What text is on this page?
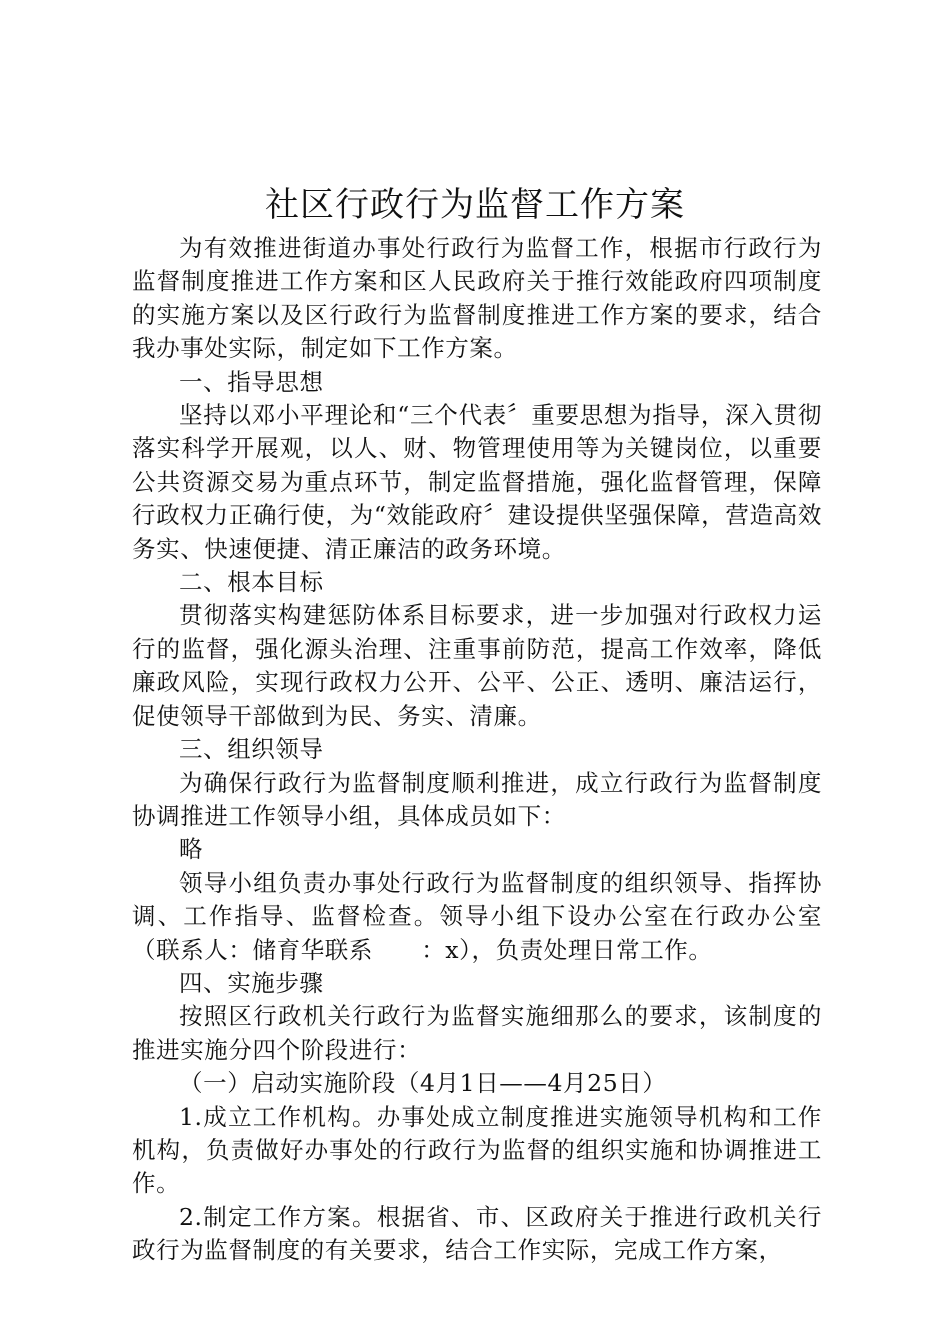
社区行政行为监督工作方案

为有效推进街道办事处行政行为监督工作，根据市行政行为监督制度推进工作方案和区人民政府关于推行效能政府四项制度的实施方案以及区行政行为监督制度推进工作方案的要求，结合我办事处实际，制定如下工作方案。

一、指导思想

坚持以邓小平理论和“三个代表〞重要思想为指导，深入贯彻落实科学开展观，以人、财、物管理使用等为关键岗位，以重要公共资源交易为重点环节，制定监督措施，强化监督管理，保障行政权力正确行使，为“效能政府〞建设提供坚强保障，营造高效务实、快速便捷、清正廉洁的政务环境。

二、根本目标

贯彻落实构建惩防体系目标要求，进一步加强对行政权力运行的监督，强化源头治理、注重事前防范，提高工作效率，降低廉政风险，实现行政权力公开、公平、公正、透明、廉洁运行，促使领导干部做到为民、务实、清廉。

三、组织领导

为确保行政行为监督制度顺利推进，成立行政行为监督制度协调推进工作领导小组，具体成员如下：

略

领导小组负责办事处行政行为监督制度的组织领导、指挥协调、工作指导、监督检查。领导小组下设办公室在行政办公室（联系人：储育华联系　　：x），负责处理日常工作。

四、实施步骤

按照区行政机关行政行为监督实施细那么的要求，该制度的推进实施分四个阶段进行：

（一）启动实施阶段（4月1日——4月25日）

1.成立工作机构。办事处成立制度推进实施领导机构和工作机构，负责做好办事处的行政行为监督的组织实施和协调推进工作。

2.制定工作方案。根据省、市、区政府关于推进行政机关行政行为监督制度的有关要求，结合工作实际，完成工作方案，
